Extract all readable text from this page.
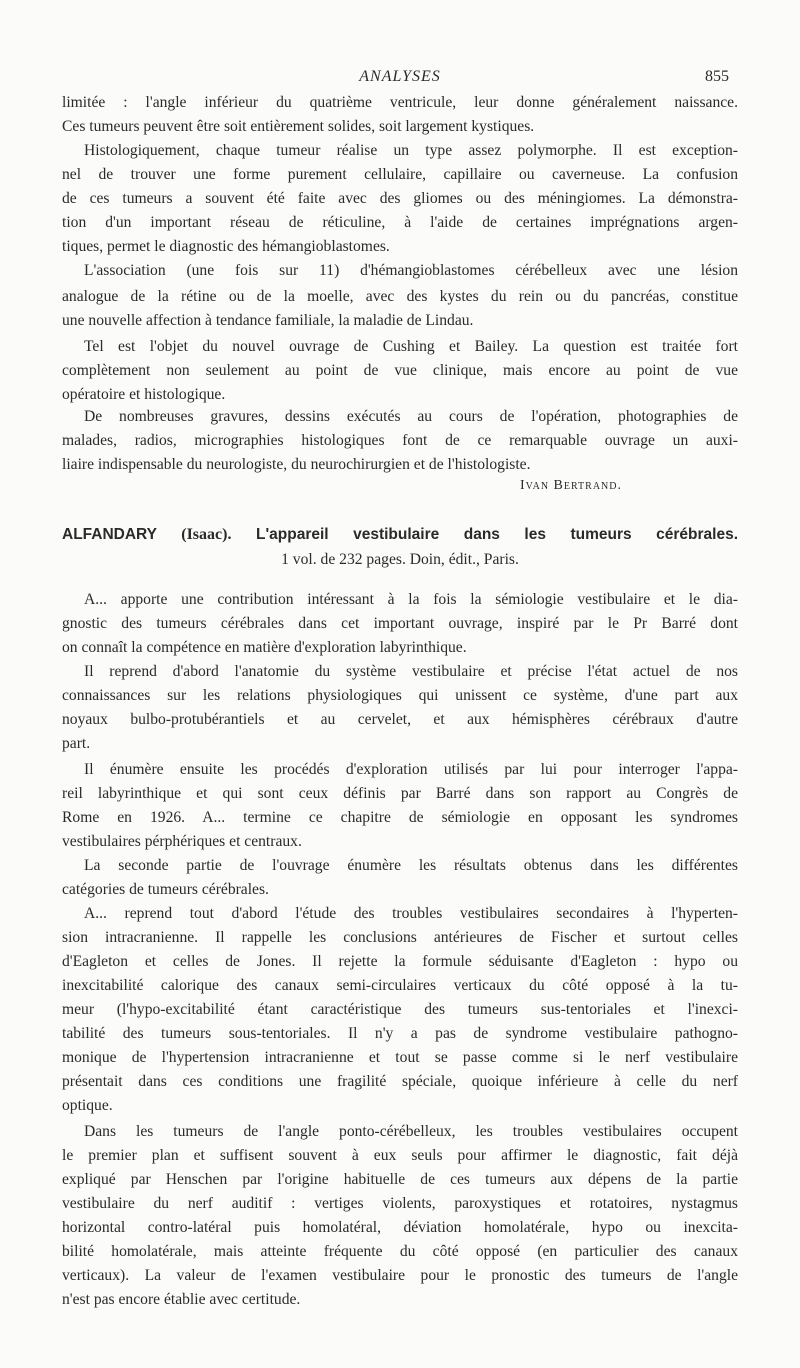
ANALYSES	855
limitée : l'angle inférieur du quatrième ventricule, leur donne généralement naissance.
Ces tumeurs peuvent être soit entièrement solides, soit largement kystiques.
Histologiquement, chaque tumeur réalise un type assez polymorphe. Il est exception-
nel de trouver une forme purement cellulaire, capillaire ou caverneuse. La confusion
de ces tumeurs a souvent été faite avec des gliomes ou des méningiomes. La démonstra-
tion d'un important réseau de réticuline, à l'aide de certaines imprégnations argen-
tiques, permet le diagnostic des hémangioblastomes.
L'association (une fois sur 11) d'hémangioblastomes cérébelleux avec une lésion
analogue de la rétine ou de la moelle, avec des kystes du rein ou du pancréas, constitue
une nouvelle affection à tendance familiale, la maladie de Lindau.
Tel est l'objet du nouvel ouvrage de Cushing et Bailey. La question est traitée fort
complètement non seulement au point de vue clinique, mais encore au point de vue
opératoire et histologique.
De nombreuses gravures, dessins exécutés au cours de l'opération, photographies de
malades, radios, micrographies histologiques font de ce remarquable ouvrage un auxi-
liaire indispensable du neurologiste, du neurochirurgien et de l'histologiste.
Ivan Bertrand.
ALFANDARY (Isaac). L'appareil vestibulaire dans les tumeurs cérébrales.
1 vol. de 232 pages. Doin, édit., Paris.
A... apporte une contribution intéressant à la fois la sémiologie vestibulaire et le dia-
gnostic des tumeurs cérébrales dans cet important ouvrage, inspiré par le Pr Barré dont
on connaît la compétence en matière d'exploration labyrinthique.
Il reprend d'abord l'anatomie du système vestibulaire et précise l'état actuel de nos
connaissances sur les relations physiologiques qui unissent ce système, d'une part aux
noyaux bulbo-protubérantiels et au cervelet, et aux hémisphères cérébraux d'autre
part.
Il énumère ensuite les procédés d'exploration utilisés par lui pour interroger l'appa-
reil labyrinthique et qui sont ceux définis par Barré dans son rapport au Congrès de
Rome en 1926. A... termine ce chapitre de sémiologie en opposant les syndromes
vestibulaires pérphériques et centraux.
La seconde partie de l'ouvrage énumère les résultats obtenus dans les différentes
catégories de tumeurs cérébrales.
A... reprend tout d'abord l'étude des troubles vestibulaires secondaires à l'hyperten-
sion intracranienne. Il rappelle les conclusions antérieures de Fischer et surtout celles
d'Eagleton et celles de Jones. Il rejette la formule séduisante d'Eagleton : hypo ou
inexcitabilité calorique des canaux semi-circulaires verticaux du côté opposé à la tu-
meur (l'hypo-excitabilité étant caractéristique des tumeurs sus-tentoriales et l'inexci-
tabilité des tumeurs sous-tentoriales. Il n'y a pas de syndrome vestibulaire pathogno-
monique de l'hypertension intracranienne et tout se passe comme si le nerf vestibulaire
présentait dans ces conditions une fragilité spéciale, quoique inférieure à celle du nerf
optique.
Dans les tumeurs de l'angle ponto-cérébelleux, les troubles vestibulaires occupent
le premier plan et suffisent souvent à eux seuls pour affirmer le diagnostic, fait déjà
expliqué par Henschen par l'origine habituelle de ces tumeurs aux dépens de la partie
vestibulaire du nerf auditif : vertiges violents, paroxystiques et rotatoires, nystagmus
horizontal contro-latéral puis homolatéral, déviation homolatérale, hypo ou inexcita-
bilité homolatérale, mais atteinte fréquente du côté opposé (en particulier des canaux
verticaux). La valeur de l'examen vestibulaire pour le pronostic des tumeurs de l'angle
n'est pas encore établie avec certitude.
